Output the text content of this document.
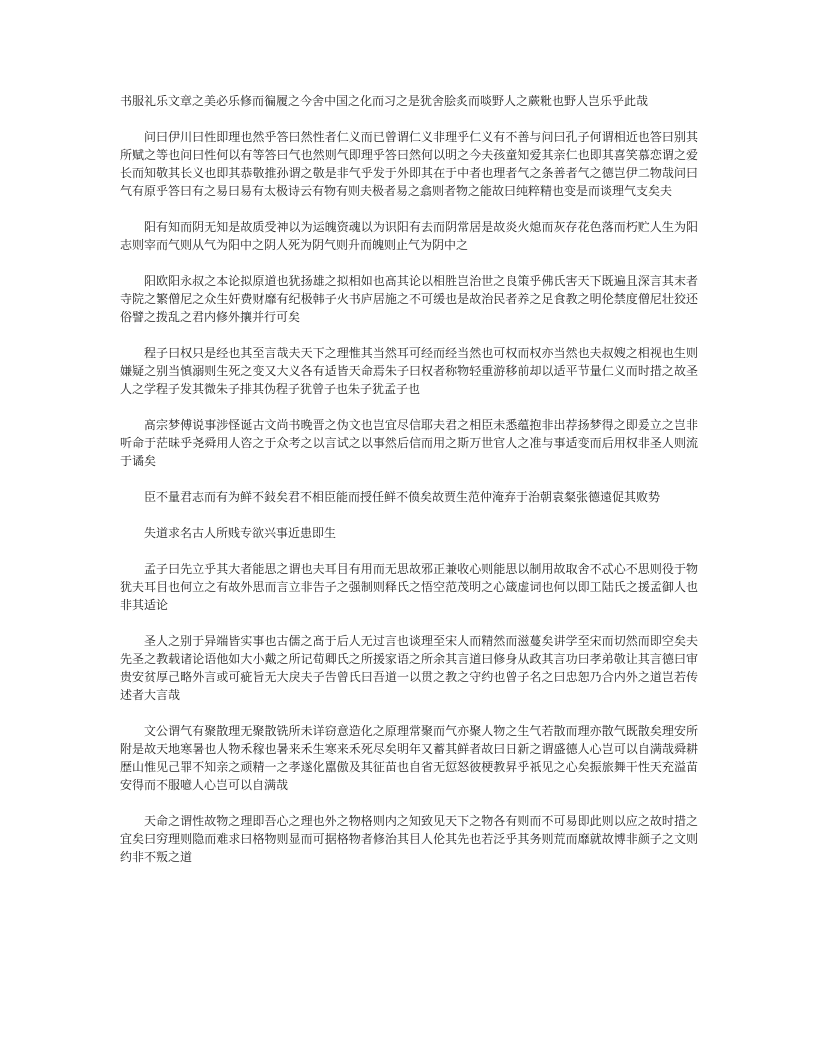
书服礼乐文章之美必乐修而徧履之今舍中国之化而习之是犹舍脍炙而啖野人之蕨粃也野人岂乐乎此哉

问曰伊川曰性即理也然乎答曰然性者仁义而已曾谓仁义非理乎仁义有不善与问曰孔子何谓相近也答曰别其所赋之等也问曰性何以有等答曰气也然则气即理乎答曰然何以明之今夫孩童知爱其亲仁也即其喜笑慕恋谓之爱长而知敬其长义也即其恭敬推孙谓之敬是非气乎发于外即其在于中者也理者气之条善者气之德岂伊二物哉问曰气有原乎答曰有之易曰易有太极诗云有物有则夫极者易之翕则者物之能故曰纯粹精也变是而谈理气支矣夫

阳有知而阴无知是故质受神以为运魄资魂以为识阳有去而阴常居是故炎火熄而灰存花色落而朽贮人生为阳志则宰而气则从气为阳中之阴人死为阴气则升而魄则止气为阴中之

阳欧阳永叔之本论拟原道也犹扬雄之拟相如也髙其论以相胜岂治世之良策乎佛氏害天下既遍且深言其末者寺院之繁僧尼之众生奸费财靡有纪极韩子火书庐居施之不可缓也是故治民者养之足食教之明伦禁度僧尼壮狡还俗譬之拨乱之君内修外攘并行可矣

程子曰权只是经也其至言哉夫天下之理惟其当然耳可经而经当然也可权而权亦当然也夫叔嫂之相视也生则嫌疑之别当慎溺则生死之变又大义各有适皆天命焉朱子曰权者称物轻重游移前却以适平节量仁义而时措之故圣人之学程子发其微朱子排其伪程子犹曾子也朱子犹孟子也

髙宗梦傅说事涉怪诞古文尚书晚晋之伪文也岂宜尽信耶夫君之相臣未悉蕴抱非出荐扬梦得之即爰立之岂非听命于茫昧乎尧舜用人咨之于众考之以言试之以事然后信而用之斯万世官人之准与事适变而后用权非圣人则流于谲矣

臣不量君志而有为鲜不鈙矣君不相臣能而授任鲜不偾矣故贾生范仲淹弃于治朝袁粲张德遠促其败势

失道求名古人所贱专欲兴事近患即生

孟子曰先立乎其大者能思之谓也夫耳目有用而无思故邪正兼收心则能思以制用故取舍不忒心不思则役于物犹夫耳目也何立之有故外思而言立非告子之强制则释氏之悟空范茂明之心箴虚词也何以即工陆氏之援孟御人也非其适论

圣人之别于异端皆实事也古儒之髙于后人无过言也谈理至宋人而精然而滋蔓矣讲学至宋而切然而即空矣夫先圣之教载诸论语他如大小戴之所记荀卿氏之所援家语之所余其言道曰修身从政其言功曰孝弟敬让其言德曰审贵安贫厚己略外言或可疵旨无大戾夫子告曾氏曰吾道一以贯之教之守约也曾子名之曰忠恕乃合内外之道岂若传述者大言哉

文公谓气有聚散理无聚散铣所未详窃意造化之原理常聚而气亦聚人物之生气若散而理亦散气既散矣理安所附是故天地寒暑也人物禾稼也暑来禾生寒来禾死尽矣明年又蓄其鲜者故曰日新之谓盛德人心岂可以自满哉舜耕歴山惟见己罪不知亲之顽精一之孝遂化嚚傲及其征苗也自省无愆怒彼梗教昇乎祇见之心矣振旅舞干性天充溢苗安得而不服噫人心岂可以自满哉

天命之谓性故物之理即吾心之理也外之物格则内之知致见天下之物各有则而不可易即此则以应之故时措之宜矣曰穷理则隐而难求曰格物则显而可据格物者修治其目人伦其先也若泛乎其务则荒而靡就故博非颜子之文则约非不叛之道
